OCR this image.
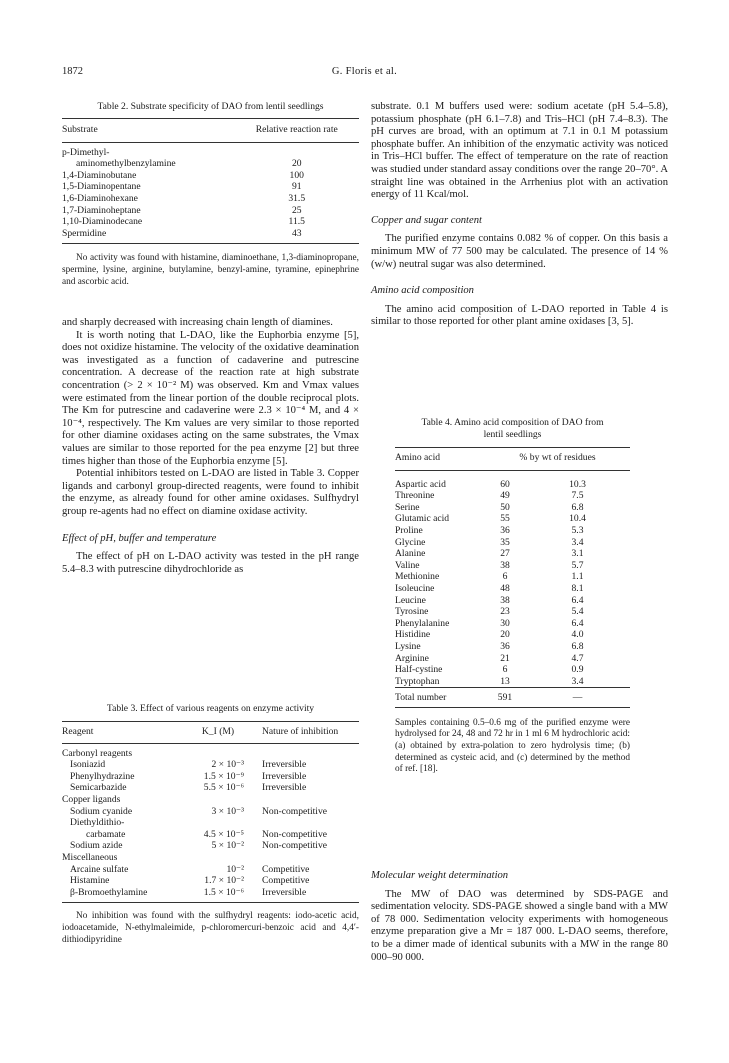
1872	G. Floris et al.
Table 2. Substrate specificity of DAO from lentil seedlings
Substrate	Relative reaction rate
p-Dimethyl-	
aminomethylbenzylamine	20
1,4-Diaminobutane	100
1,5-Diaminopentane	91
1,6-Diaminohexane	31.5
1,7-Diaminoheptane	25
1,10-Diaminodecane	11.5
Spermidine	43
No activity was found with histamine, diaminoethane, 1,3-diaminopropane, spermine, lysine, arginine, butylamine, benzyl-amine, tyramine, epinephrine and ascorbic acid.

and sharply decreased with increasing chain length of diamines.

It is worth noting that L-DAO, like the Euphorbia enzyme [5], does not oxidize histamine. The velocity of the oxidative deamination was investigated as a function of cadaverine and putrescine concentration. A decrease of the reaction rate at high substrate concentration (> 2 × 10⁻² M) was observed. Km and Vmax values were estimated from the linear portion of the double reciprocal plots. The Km for putrescine and cadaverine were 2.3 × 10⁻⁴ M, and 4 × 10⁻⁴, respectively. The Km values are very similar to those reported for other diamine oxidases acting on the same substrates, the Vmax values are similar to those reported for the pea enzyme [2] but three times higher than those of the Euphorbia enzyme [5].

Potential inhibitors tested on L-DAO are listed in Table 3. Copper ligands and carbonyl group-directed reagents, were found to inhibit the enzyme, as already found for other amine oxidases. Sulfhydryl group re-agents had no effect on diamine oxidase activity.

Effect of pH, buffer and temperature

The effect of pH on L-DAO activity was tested in the pH range 5.4–8.3 with putrescine dihydrochloride as

Table 3. Effect of various reagents on enzyme activity
Reagent	K_I (M)	Nature of inhibition
Carbonyl reagents		
Isoniazid	2 × 10⁻³	Irreversible
Phenylhydrazine	1.5 × 10⁻⁹	Irreversible
Semicarbazide	5.5 × 10⁻⁶	Irreversible
Copper ligands		
Sodium cyanide	3 × 10⁻³	Non-competitive
Diethyldithio-		
carbamate	4.5 × 10⁻⁵	Non-competitive
Sodium azide	5 × 10⁻²	Non-competitive
Miscellaneous		
Arcaine sulfate	10⁻²	Competitive
Histamine	1.7 × 10⁻²	Competitive
β-Bromoethylamine	1.5 × 10⁻⁶	Irreversible
No inhibition was found with the sulfhydryl reagents: iodo-acetic acid, iodoacetamide, N-ethylmaleimide, p-chloromercuri-benzoic acid and 4,4′-dithiodipyridine

substrate. 0.1 M buffers used were: sodium acetate (pH 5.4–5.8), potassium phosphate (pH 6.1–7.8) and Tris–HCl (pH 7.4–8.3). The pH curves are broad, with an optimum at 7.1 in 0.1 M potassium phosphate buffer. An inhibition of the enzymatic activity was noticed in Tris–HCl buffer. The effect of temperature on the rate of reaction was studied under standard assay conditions over the range 20–70°. A straight line was obtained in the Arrhenius plot with an activation energy of 11 Kcal/mol.

Copper and sugar content

The purified enzyme contains 0.082 % of copper. On this basis a minimum MW of 77 500 may be calculated. The presence of 14 % (w/w) neutral sugar was also determined.

Amino acid composition

The amino acid composition of L-DAO reported in Table 4 is similar to those reported for other plant amine oxidases [3, 5].

Table 4. Amino acid composition of DAO from
lentil seedlings
Amino acid	% by wt of residues	
Aspartic acid	60	10.3
Threonine	49	7.5
Serine	50	6.8
Glutamic acid	55	10.4
Proline	36	5.3
Glycine	35	3.4
Alanine	27	3.1
Valine	38	5.7
Methionine	6	1.1
Isoleucine	48	8.1
Leucine	38	6.4
Tyrosine	23	5.4
Phenylalanine	30	6.4
Histidine	20	4.0
Lysine	36	6.8
Arginine	21	4.7
Half-cystine	6	0.9
Tryptophan	13	3.4
Total number	591	—
Samples containing 0.5–0.6 mg of the purified enzyme were hydrolysed for 24, 48 and 72 hr in 1 ml 6 M hydrochloric acid: (a) obtained by extra-polation to zero hydrolysis time; (b) determined as cysteic acid, and (c) determined by the method of ref. [18].

Molecular weight determination

The MW of DAO was determined by SDS-PAGE and sedimentation velocity. SDS-PAGE showed a single band with a MW of 78 000. Sedimentation velocity experiments with homogeneous enzyme preparation give a Mr = 187 000. L-DAO seems, therefore, to be a dimer made of identical subunits with a MW in the range 80 000–90 000.
